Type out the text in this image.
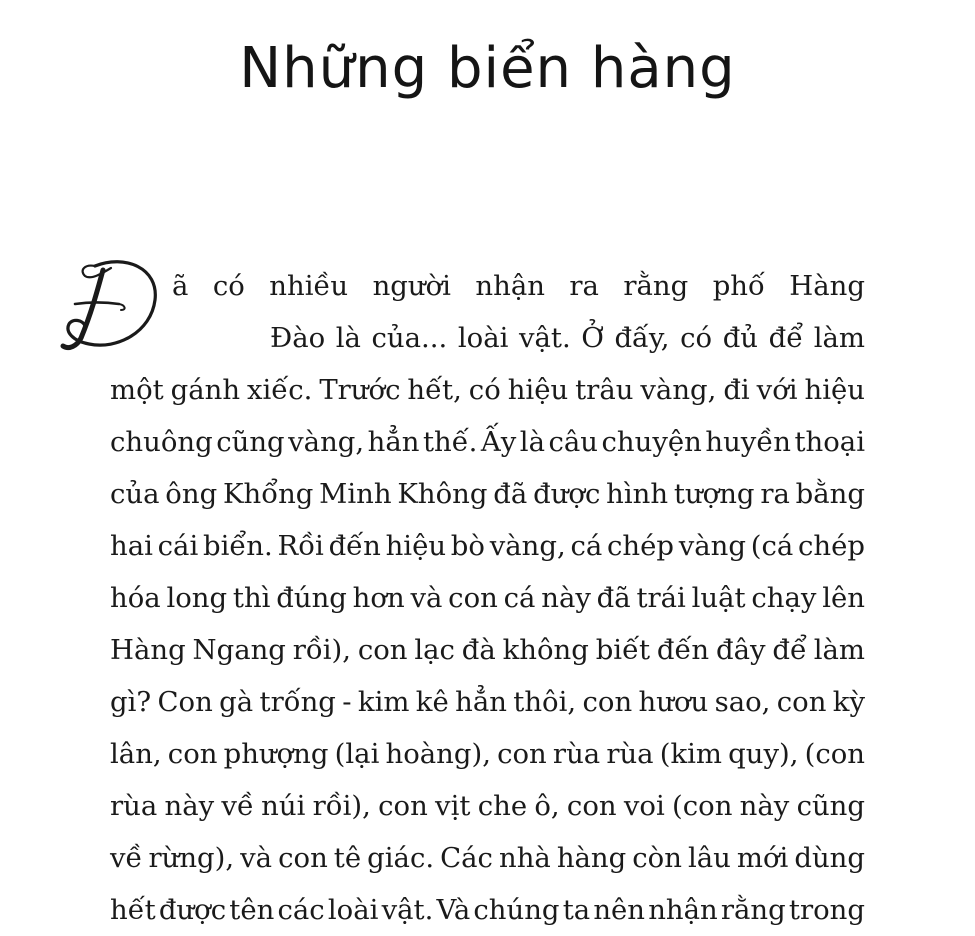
Những biển hàng
ã có nhiều người nhận ra rằng phố Hàng
Đào là của... loài vật. Ở đấy, có đủ để làm
một gánh xiếc. Trước hết, có hiệu trâu vàng, đi với hiệu
chuông cũng vàng, hẳn thế. Ấy là câu chuyện huyền thoại
của ông Khổng Minh Không đã được hình tượng ra bằng
hai cái biển. Rồi đến hiệu bò vàng, cá chép vàng (cá chép
hóa long thì đúng hơn và con cá này đã trái luật chạy lên
Hàng Ngang rồi), con lạc đà không biết đến đây để làm
gì? Con gà trống - kim kê hẳn thôi, con hươu sao, con kỳ
lân, con phượng (lại hoàng), con rùa rùa (kim quy), (con
rùa này về núi rồi), con vịt che ô, con voi (con này cũng
về rừng), và con tê giác. Các nhà hàng còn lâu mới dùng
hết được tên các loài vật. Và chúng ta nên nhận rằng trong
